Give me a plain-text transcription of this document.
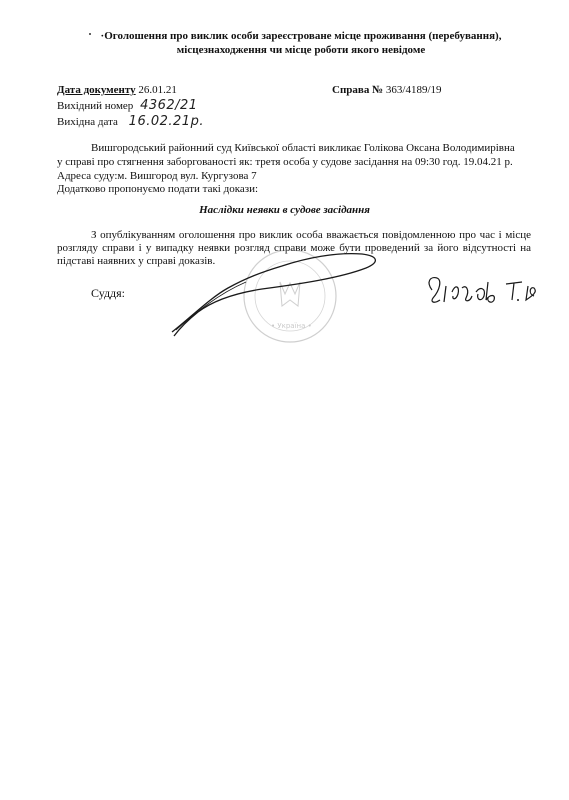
·Оголошення про виклик особи зареєстроване місце проживання (перебування),
місцезнаходження чи місце роботи якого невідоме
Дата документу 26.01.21	Справа № 363/4189/19
Вихідний номер 4362/21
Вихідна дата 16.02.21р.
Вишгородський районний суд Київської області викликає Голікова Оксана Володимирівна
у справі про стягнення заборгованості як: третя особа у судове засідання на 09:30 год. 19.04.21 р.
Адреса суду:м. Вишгород вул. Кургузова 7
Додатково пропонуємо подати такі докази:
Наслідки неявки в судове засідання
З опублікуванням оголошення про виклик особа вважається повідомленною про час і місце розгляду справи і у випадку неявки розгляд справи може бути проведений за його відсутності на підставі наявних у справі доказів.
Суддя:
• Україна •
